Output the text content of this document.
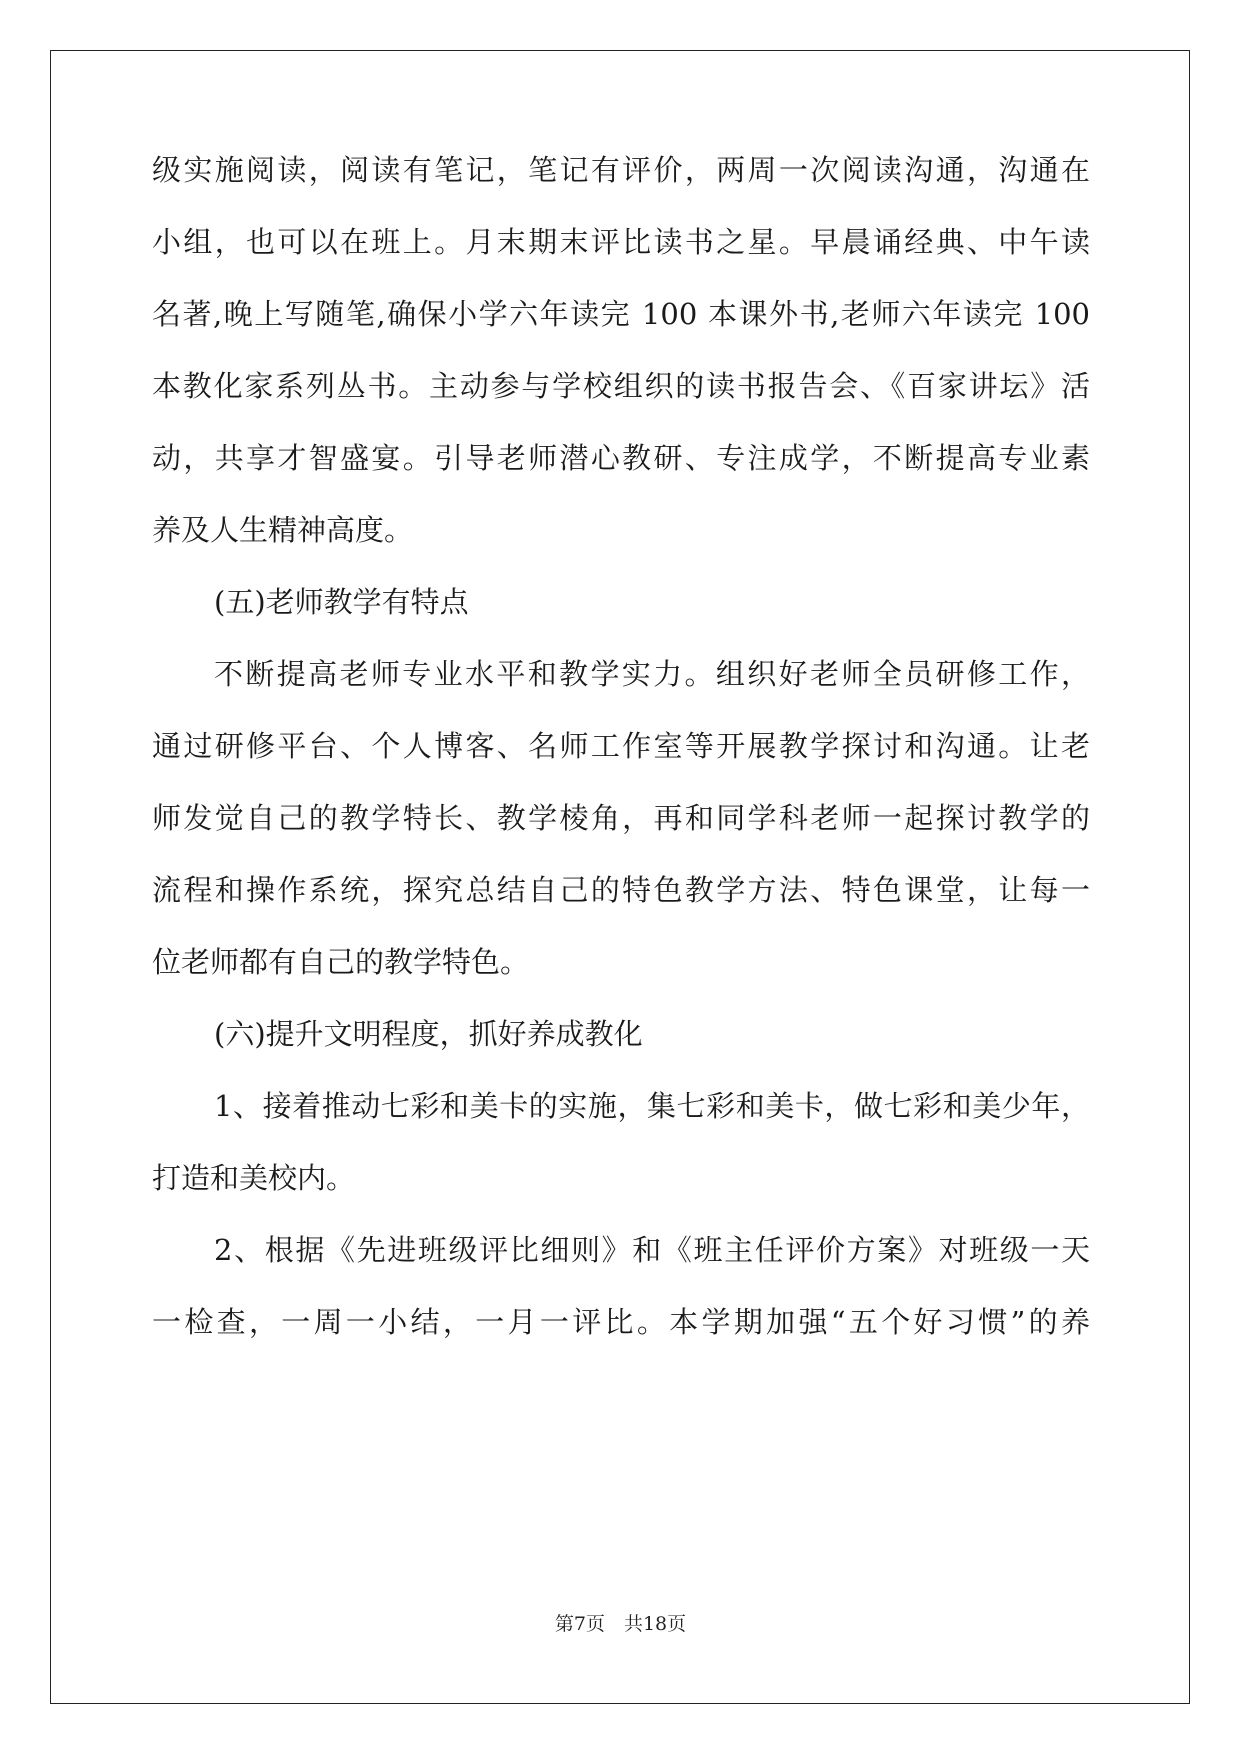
级实施阅读，阅读有笔记，笔记有评价，两周一次阅读沟通，沟通在
小组，也可以在班上。月末期末评比读书之星。早晨诵经典、中午读
名著,晚上写随笔,确保小学六年读完 100 本课外书,老师六年读完 100
本教化家系列丛书。主动参与学校组织的读书报告会、《百家讲坛》活
动，共享才智盛宴。引导老师潜心教研、专注成学，不断提高专业素
养及人生精神高度。
(五)老师教学有特点
不断提高老师专业水平和教学实力。组织好老师全员研修工作，
通过研修平台、个人博客、名师工作室等开展教学探讨和沟通。让老
师发觉自己的教学特长、教学棱角，再和同学科老师一起探讨教学的
流程和操作系统，探究总结自己的特色教学方法、特色课堂，让每一
位老师都有自己的教学特色。
(六)提升文明程度，抓好养成教化
1、接着推动七彩和美卡的实施，集七彩和美卡，做七彩和美少年，
打造和美校内。
2、根据《先进班级评比细则》和《班主任评价方案》对班级一天
一检查，一周一小结，一月一评比。本学期加强“五个好习惯”的养
第7页　共18页
